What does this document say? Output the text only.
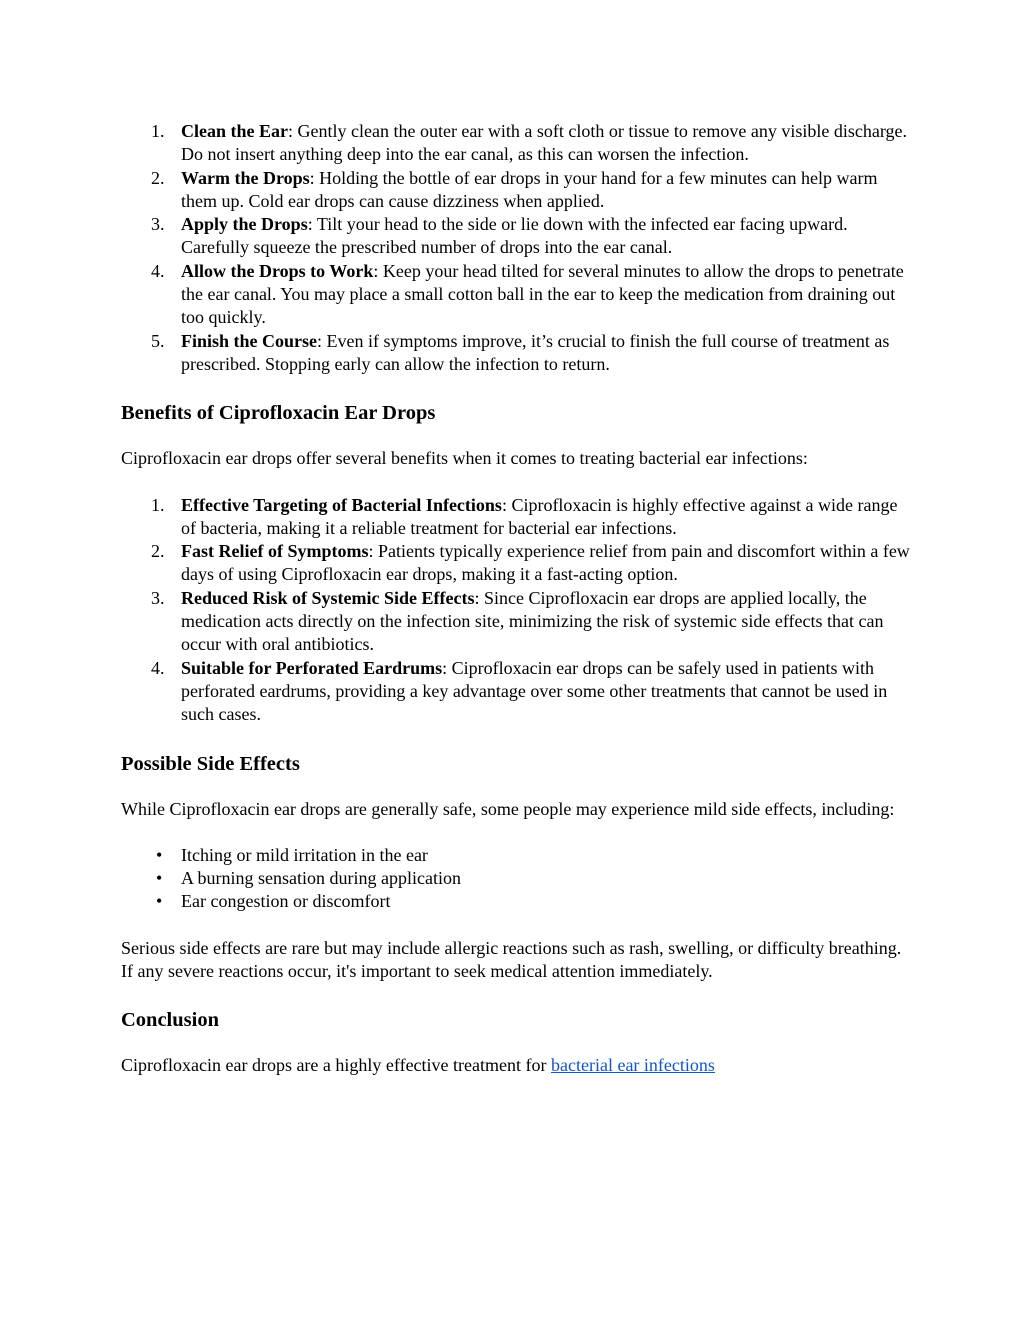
1. Clean the Ear: Gently clean the outer ear with a soft cloth or tissue to remove any visible discharge. Do not insert anything deep into the ear canal, as this can worsen the infection.
2. Warm the Drops: Holding the bottle of ear drops in your hand for a few minutes can help warm them up. Cold ear drops can cause dizziness when applied.
3. Apply the Drops: Tilt your head to the side or lie down with the infected ear facing upward. Carefully squeeze the prescribed number of drops into the ear canal.
4. Allow the Drops to Work: Keep your head tilted for several minutes to allow the drops to penetrate the ear canal. You may place a small cotton ball in the ear to keep the medication from draining out too quickly.
5. Finish the Course: Even if symptoms improve, it’s crucial to finish the full course of treatment as prescribed. Stopping early can allow the infection to return.
Benefits of Ciprofloxacin Ear Drops

Ciprofloxacin ear drops offer several benefits when it comes to treating bacterial ear infections:

1. Effective Targeting of Bacterial Infections: Ciprofloxacin is highly effective against a wide range of bacteria, making it a reliable treatment for bacterial ear infections.
2. Fast Relief of Symptoms: Patients typically experience relief from pain and discomfort within a few days of using Ciprofloxacin ear drops, making it a fast-acting option.
3. Reduced Risk of Systemic Side Effects: Since Ciprofloxacin ear drops are applied locally, the medication acts directly on the infection site, minimizing the risk of systemic side effects that can occur with oral antibiotics.
4. Suitable for Perforated Eardrums: Ciprofloxacin ear drops can be safely used in patients with perforated eardrums, providing a key advantage over some other treatments that cannot be used in such cases.
Possible Side Effects

While Ciprofloxacin ear drops are generally safe, some people may experience mild side effects, including:

• Itching or mild irritation in the ear
• A burning sensation during application
• Ear congestion or discomfort

Serious side effects are rare but may include allergic reactions such as rash, swelling, or difficulty breathing. If any severe reactions occur, it's important to seek medical attention immediately.

Conclusion

Ciprofloxacin ear drops are a highly effective treatment for bacterial ear infections
